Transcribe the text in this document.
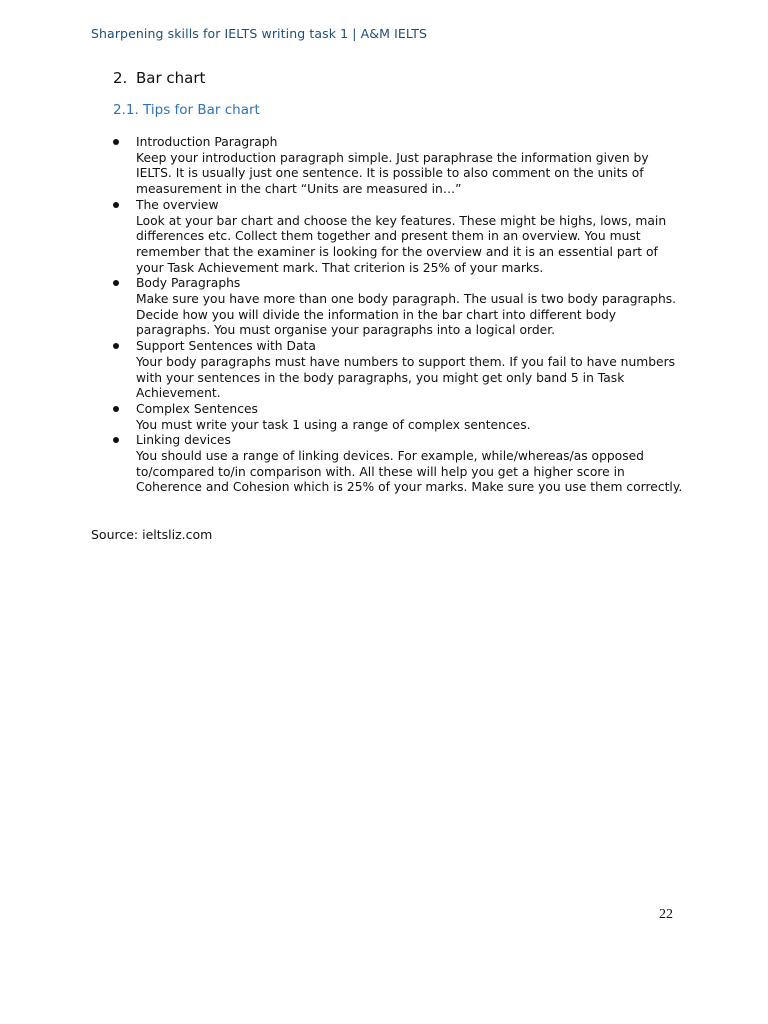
Sharpening skills for IELTS writing task 1 | A&M IELTS
2. Bar chart
2.1. Tips for Bar chart
Introduction Paragraph
Keep your introduction paragraph simple. Just paraphrase the information given by IELTS. It is usually just one sentence. It is possible to also comment on the units of measurement in the chart “Units are measured in…”
The overview
Look at your bar chart and choose the key features. These might be highs, lows, main differences etc. Collect them together and present them in an overview. You must remember that the examiner is looking for the overview and it is an essential part of your Task Achievement mark. That criterion is 25% of your marks.
Body Paragraphs
Make sure you have more than one body paragraph. The usual is two body paragraphs. Decide how you will divide the information in the bar chart into different body paragraphs. You must organise your paragraphs into a logical order.
Support Sentences with Data
Your body paragraphs must have numbers to support them. If you fail to have numbers with your sentences in the body paragraphs, you might get only band 5 in Task Achievement.
Complex Sentences
You must write your task 1 using a range of complex sentences.
Linking devices
You should use a range of linking devices. For example, while/whereas/as opposed to/compared to/in comparison with. All these will help you get a higher score in Coherence and Cohesion which is 25% of your marks. Make sure you use them correctly.
Source: ieltsliz.com
22
